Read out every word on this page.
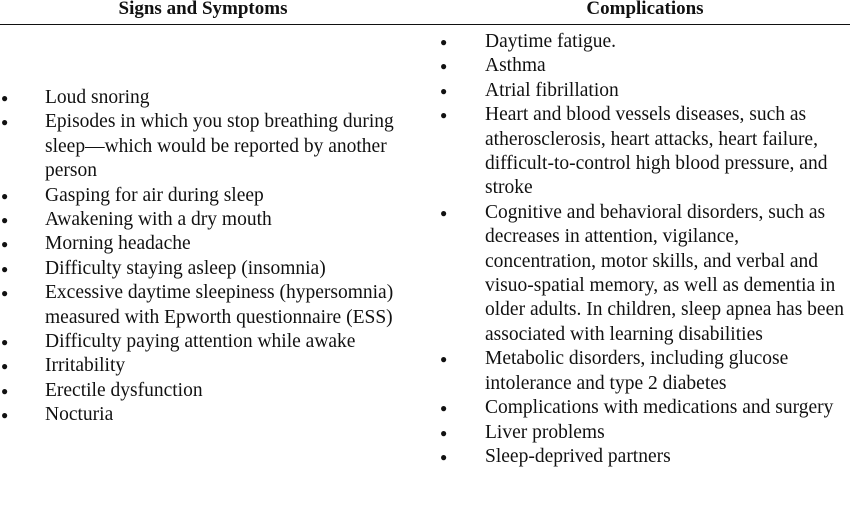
Signs and Symptoms	Complications
● Loud snoring
● Episodes in which you stop breathing during sleep—which would be reported by another person
● Gasping for air during sleep
● Awakening with a dry mouth
● Morning headache
● Difficulty staying asleep (insomnia)
● Excessive daytime sleepiness (hypersomnia) measured with Epworth questionnaire (ESS)
● Difficulty paying attention while awake
● Irritability
● Erectile dysfunction
● Nocturia
● Daytime fatigue.
● Asthma
● Atrial fibrillation
● Heart and blood vessels diseases, such as atherosclerosis, heart attacks, heart failure, difficult-to-control high blood pressure, and stroke
● Cognitive and behavioral disorders, such as decreases in attention, vigilance, concentration, motor skills, and verbal and visuo-spatial memory, as well as dementia in older adults. In children, sleep apnea has been associated with learning disabilities
● Metabolic disorders, including glucose intolerance and type 2 diabetes
● Complications with medications and surgery
● Liver problems
● Sleep-deprived partners
